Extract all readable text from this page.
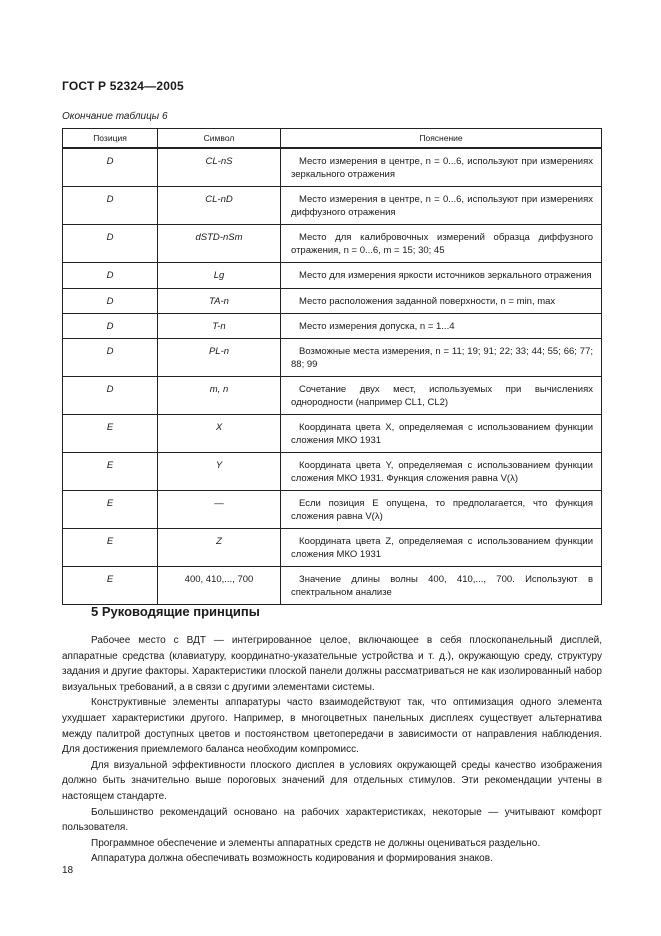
ГОСТ Р 52324—2005
Окончание таблицы 6
Позиция	Символ	Пояснение
D	CL-nS	Место измерения в центре, n = 0...6, используют при измерениях зеркального отражения
D	CL-nD	Место измерения в центре, n = 0...6, используют при измерениях диффузного отражения
D	dSTD-nSm	Место для калибровочных измерений образца диффузного отражения, n = 0...6, m = 15; 30; 45
D	Lg	Место для измерения яркости источников зеркального отражения
D	TA-n	Место расположения заданной поверхности, n = min, max
D	T-n	Место измерения допуска, n = 1...4
D	PL-n	Возможные места измерения, n = 11; 19; 91; 22; 33; 44; 55; 66; 77; 88; 99
D	m, n	Сочетание двух мест, используемых при вычислениях однородности (например CL1, CL2)
E	X	Координата цвета X, определяемая с использованием функции сложения МКО 1931
E	Y	Координата цвета Y, определяемая с использованием функции сложения МКО 1931. Функция сложения равна V(λ)
E	—	Если позиция E опущена, то предполагается, что функция сложения равна V(λ)
E	Z	Координата цвета Z, определяемая с использованием функции сложения МКО 1931
E	400, 410,..., 700	Значение длины волны 400, 410,..., 700. Используют в спектральном анализе
5 Руководящие принципы

Рабочее место с ВДТ — интегрированное целое, включающее в себя плоскопанельный дисплей, аппаратные средства (клавиатуру, координатно-указательные устройства и т. д.), окружающую среду, структуру задания и другие факторы. Характеристики плоской панели должны рассматриваться не как изолированный набор визуальных требований, а в связи с другими элементами системы.

Конструктивные элементы аппаратуры часто взаимодействуют так, что оптимизация одного элемента ухудшает характеристики другого. Например, в многоцветных панельных дисплеях существует альтернатива между палитрой доступных цветов и постоянством цветопередачи в зависимости от направления наблюдения. Для достижения приемлемого баланса необходим компромисс.

Для визуальной эффективности плоского дисплея в условиях окружающей среды качество изображения должно быть значительно выше пороговых значений для отдельных стимулов. Эти рекомендации учтены в настоящем стандарте.

Большинство рекомендаций основано на рабочих характеристиках, некоторые — учитывают комфорт пользователя.

Программное обеспечение и элементы аппаратных средств не должны оцениваться раздельно.

Аппаратура должна обеспечивать возможность кодирования и формирования знаков.

18
